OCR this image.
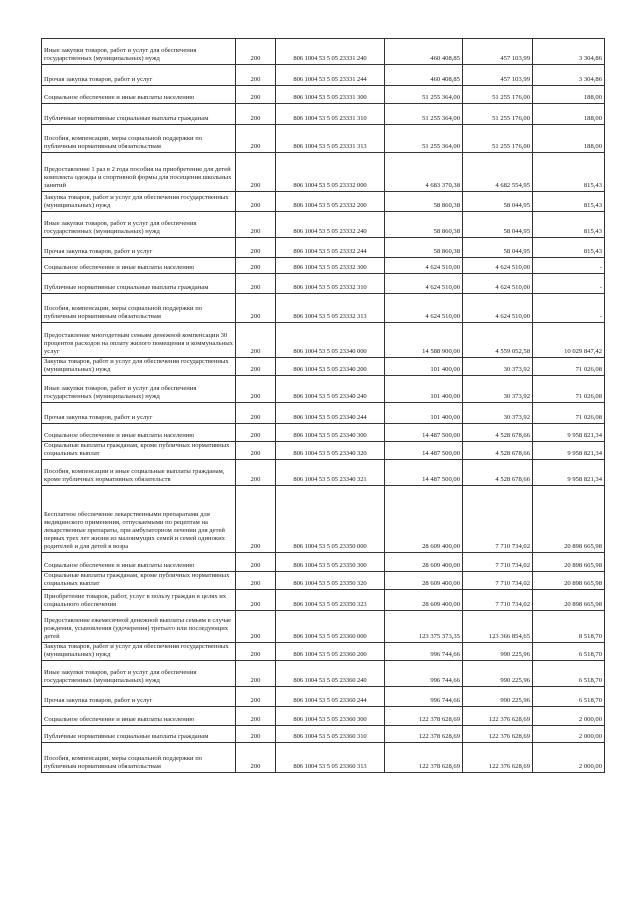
Иные закупки товаров, работ и услуг для обеспечения государственных (муниципальных) нужд	200	806 1004 53 5 05 23331 240	460 408,85	457 103,99	3 304,86
Прочая закупка товаров, работ и услуг	200	806 1004 53 5 05 23331 244	460 408,85	457 103,99	3 304,86
Социальное обеспечение и иные выплаты населению	200	806 1004 53 5 05 23331 300	51 255 364,00	51 255 176,00	188,00
Публичные нормативные социальные выплаты гражданам	200	806 1004 53 5 05 23331 310	51 255 364,00	51 255 176,00	188,00
Пособия, компенсации, меры социальной поддержки по публичным нормативным обязательствам	200	806 1004 53 5 05 23331 313	51 255 364,00	51 255 176,00	188,00
Предоставление 1 раз в 2 года пособия на приобретение для детей комплекта одежды и спортивной формы для посещения школьных занятий	200	806 1004 53 5 05 23332 000	4 683 370,38	4 682 554,95	815,43
Закупка товаров, работ и услуг для обеспечения государственных (муниципальных) нужд	200	806 1004 53 5 05 23332 200	58 860,38	58 044,95	815,43
Иные закупки товаров, работ и услуг для обеспечения государственных (муниципальных) нужд	200	806 1004 53 5 05 23332 240	58 860,38	58 044,95	815,43
Прочая закупка товаров, работ и услуг	200	806 1004 53 5 05 23332 244	58 860,38	58 044,95	815,43
Социальное обеспечение и иные выплаты населению	200	806 1004 53 5 05 23332 300	4 624 510,00	4 624 510,00	-
Публичные нормативные социальные выплаты гражданам	200	806 1004 53 5 05 23332 310	4 624 510,00	4 624 510,00	-
Пособия, компенсации, меры социальной поддержки по публичным нормативным обязательствам	200	806 1004 53 5 05 23332 313	4 624 510,00	4 624 510,00	-
Предоставление многодетным семьям денежной компенсации 30 процентов расходов на оплату жилого помещения и коммунальных услуг	200	806 1004 53 5 05 23340 000	14 588 900,00	4 559 052,58	10 029 847,42
Закупка товаров, работ и услуг для обеспечения государственных (муниципальных) нужд	200	806 1004 53 5 05 23340 200	101 400,00	30 373,92	71 026,08
Иные закупки товаров, работ и услуг для обеспечения государственных (муниципальных) нужд	200	806 1004 53 5 05 23340 240	101 400,00	30 373,92	71 026,08
Прочая закупка товаров, работ и услуг	200	806 1004 53 5 05 23340 244	101 400,00	30 373,92	71 026,08
Социальное обеспечение и иные выплаты населению	200	806 1004 53 5 05 23340 300	14 487 500,00	4 528 678,66	9 958 821,34
Социальные выплаты гражданам, кроме публичных нормативных социальных выплат	200	806 1004 53 5 05 23340 320	14 487 500,00	4 528 678,66	9 958 821,34
Пособия, компенсации и иные социальные выплаты гражданам, кроме публичных нормативных обязательств	200	806 1004 53 5 05 23340 321	14 487 500,00	4 528 678,66	9 958 821,34
Бесплатное обеспечение лекарственными препаратами для медицинского применения, отпускаемыми по рецептам на лекарственные препараты, при амбулаторном лечении для детей первых трех лет жизни из малоимущих семей и семей одиноких родителей и для детей в возра	200	806 1004 53 5 05 23350 000	28 609 400,00	7 710 734,02	20 898 665,98
Социальное обеспечение и иные выплаты населению	200	806 1004 53 5 05 23350 300	28 609 400,00	7 710 734,02	20 898 665,98
Социальные выплаты гражданам, кроме публичных нормативных социальных выплат	200	806 1004 53 5 05 23350 320	28 609 400,00	7 710 734,02	20 898 665,98
Приобретение товаров, работ, услуг в пользу граждан в целях их социального обеспечения	200	806 1004 53 5 05 23350 323	28 609 400,00	7 710 734,02	20 898 665,98
Предоставление ежемесячной денежной выплаты семьям в случае рождения, усыновления (удочерения) третьего или последующих детей	200	806 1004 53 5 05 23360 000	123 375 373,35	123 366 854,65	8 518,70
Закупка товаров, работ и услуг для обеспечения государственных (муниципальных) нужд	200	806 1004 53 5 05 23360 200	996 744,66	990 225,96	6 518,70
Иные закупки товаров, работ и услуг для обеспечения государственных (муниципальных) нужд	200	806 1004 53 5 05 23360 240	996 744,66	990 225,96	6 518,70
Прочая закупка товаров, работ и услуг	200	806 1004 53 5 05 23360 244	996 744,66	990 225,96	6 518,70
Социальное обеспечение и иные выплаты населению	200	806 1004 53 5 05 23360 300	122 378 628,69	122 376 628,69	2 000,00
Публичные нормативные социальные выплаты гражданам	200	806 1004 53 5 05 23360 310	122 378 628,69	122 376 628,69	2 000,00
Пособия, компенсации, меры социальной поддержки по публичным нормативным обязательствам	200	806 1004 53 5 05 23360 313	122 378 628,69	122 376 628,69	2 000,00
